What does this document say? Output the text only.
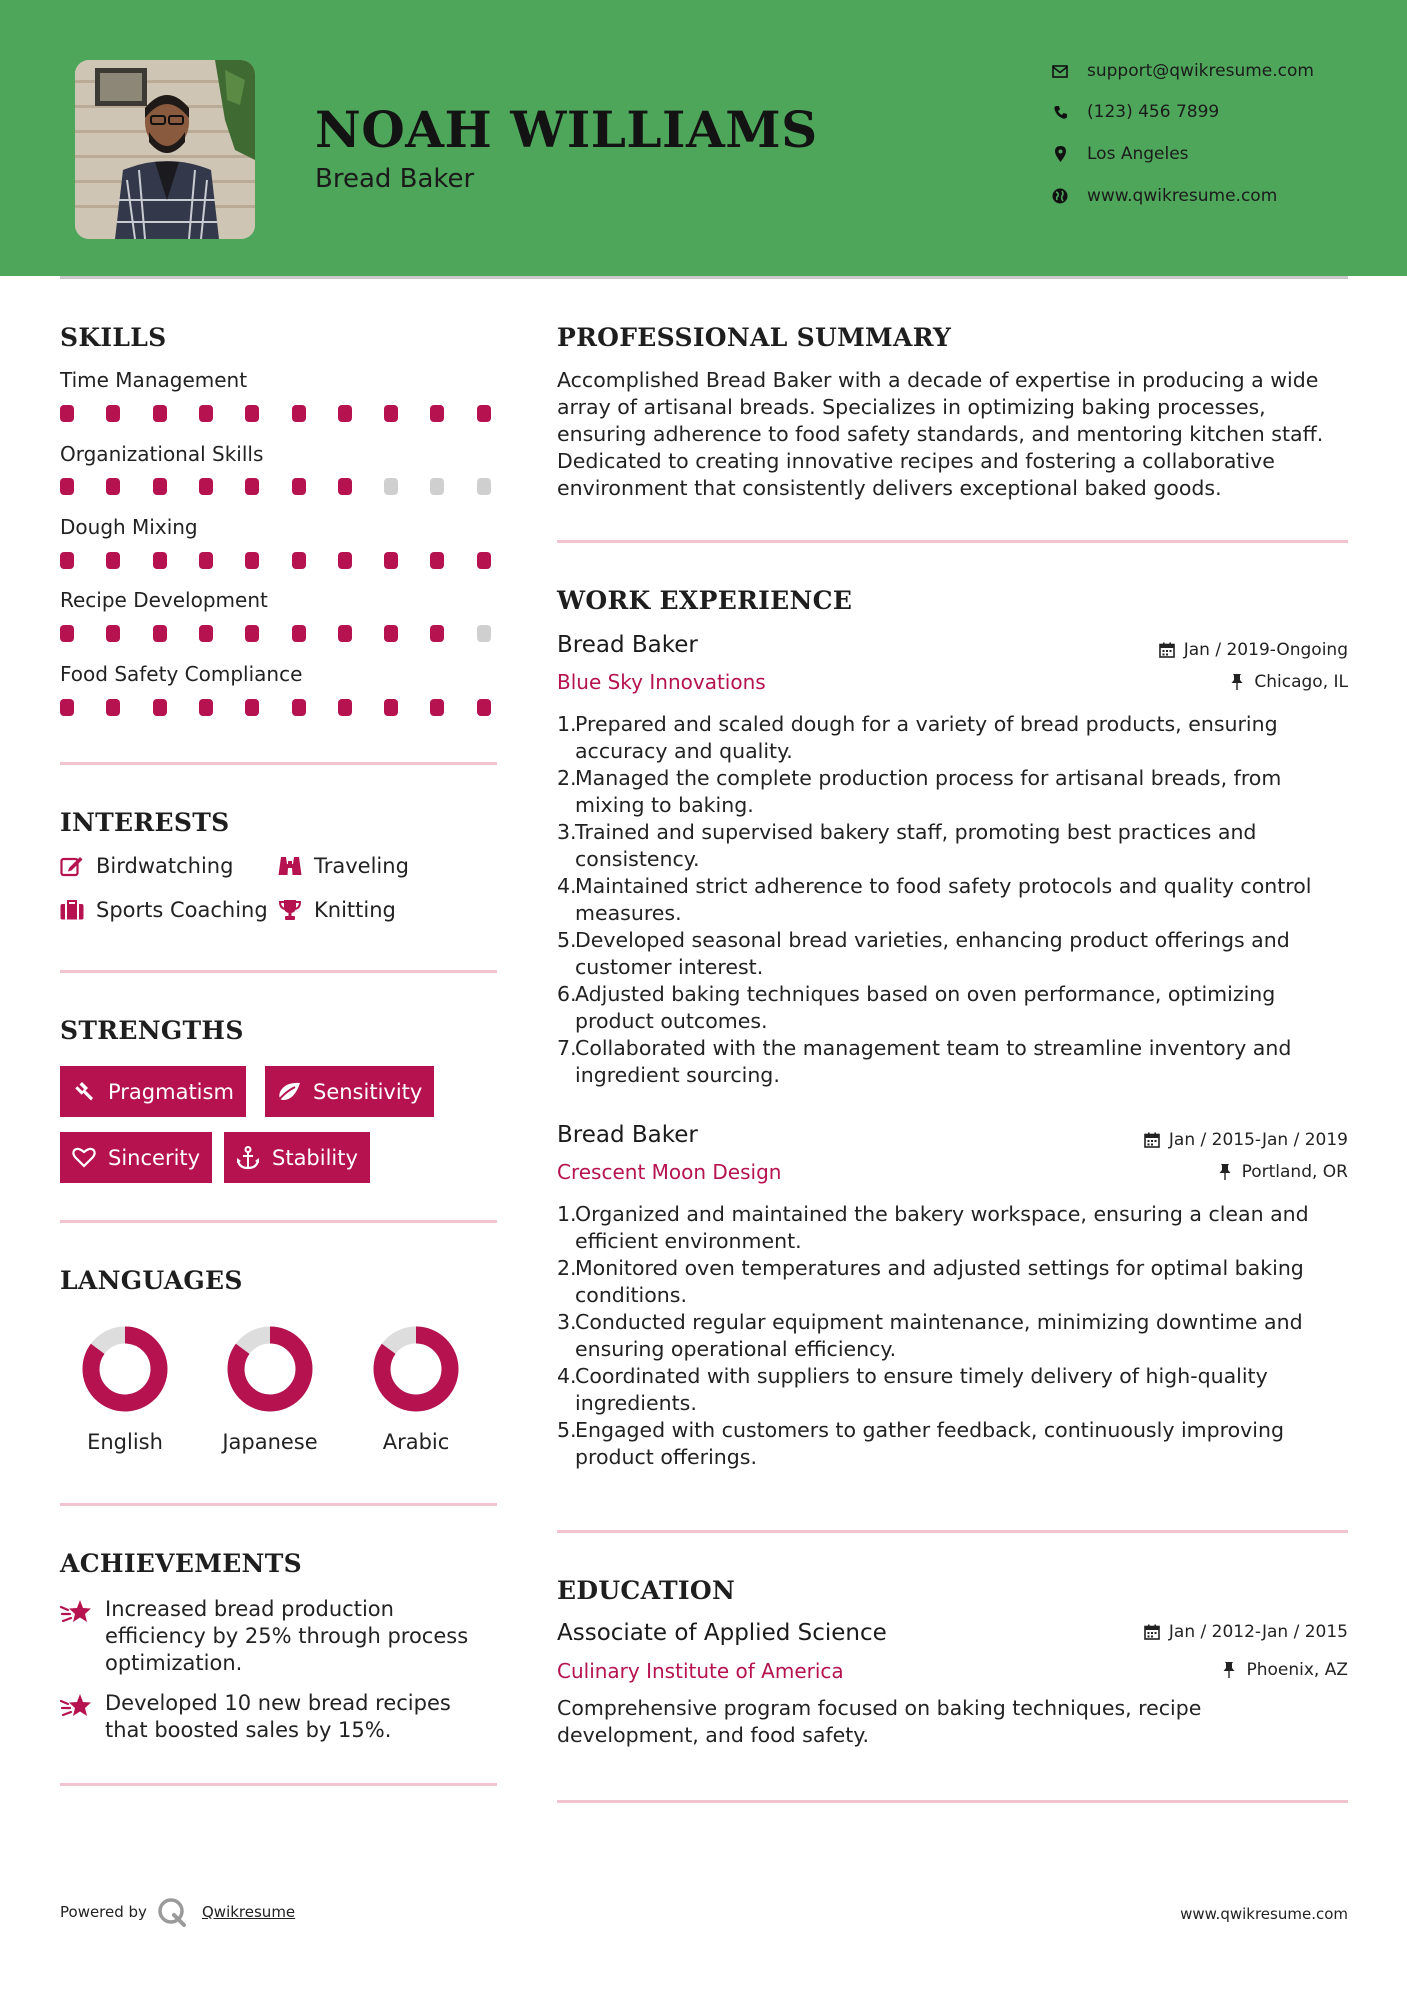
NOAH WILLIAMS
Bread Baker
support@qwikresume.com
(123) 456 7899
Los Angeles
www.qwikresume.com
SKILLS
Time Management
Organizational Skills
Dough Mixing
Recipe Development
Food Safety Compliance
INTERESTS
Birdwatching	Traveling
Sports Coaching Knitting
STRENGTHS
Pragmatism	Sensitivity
Sincerity	Stability
LANGUAGES
English	Japanese	Arabic
ACHIEVEMENTS
Increased bread production efficiency by 25% through process optimization.
Developed 10 new bread recipes that boosted sales by 15%.
PROFESSIONAL SUMMARY
Accomplished Bread Baker with a decade of expertise in producing a wide array of artisanal breads. Specializes in optimizing baking processes, ensuring adherence to food safety standards, and mentoring kitchen staff. Dedicated to creating innovative recipes and fostering a collaborative environment that consistently delivers exceptional baked goods.
WORK EXPERIENCE
Bread Baker
Blue Sky Innovations
Jan / 2019-Ongoing
Chicago, IL
1.
Prepared and scaled dough for a variety of bread products, ensuring accuracy and quality.
2.
Managed the complete production process for artisanal breads, from mixing to baking.
3.
Trained and supervised bakery staff, promoting best practices and consistency.
4.
Maintained strict adherence to food safety protocols and quality control measures.
5.
Developed seasonal bread varieties, enhancing product offerings and customer interest.
6.
Adjusted baking techniques based on oven performance, optimizing product outcomes.
7.
Collaborated with the management team to streamline inventory and ingredient sourcing.
Bread Baker
Crescent Moon Design
Jan / 2015-Jan / 2019
Portland, OR
1.
Organized and maintained the bakery workspace, ensuring a clean and efficient environment.
2.
Monitored oven temperatures and adjusted settings for optimal baking conditions.
3.
Conducted regular equipment maintenance, minimizing downtime and ensuring operational efficiency.
4.
Coordinated with suppliers to ensure timely delivery of high-quality ingredients.
5.
Engaged with customers to gather feedback, continuously improving product offerings.
EDUCATION
Associate of Applied Science
Culinary Institute of America
Jan / 2012-Jan / 2015
Phoenix, AZ
Comprehensive program focused on baking techniques, recipe development, and food safety.
Powered by	Qwikresume	www.qwikresume.com
